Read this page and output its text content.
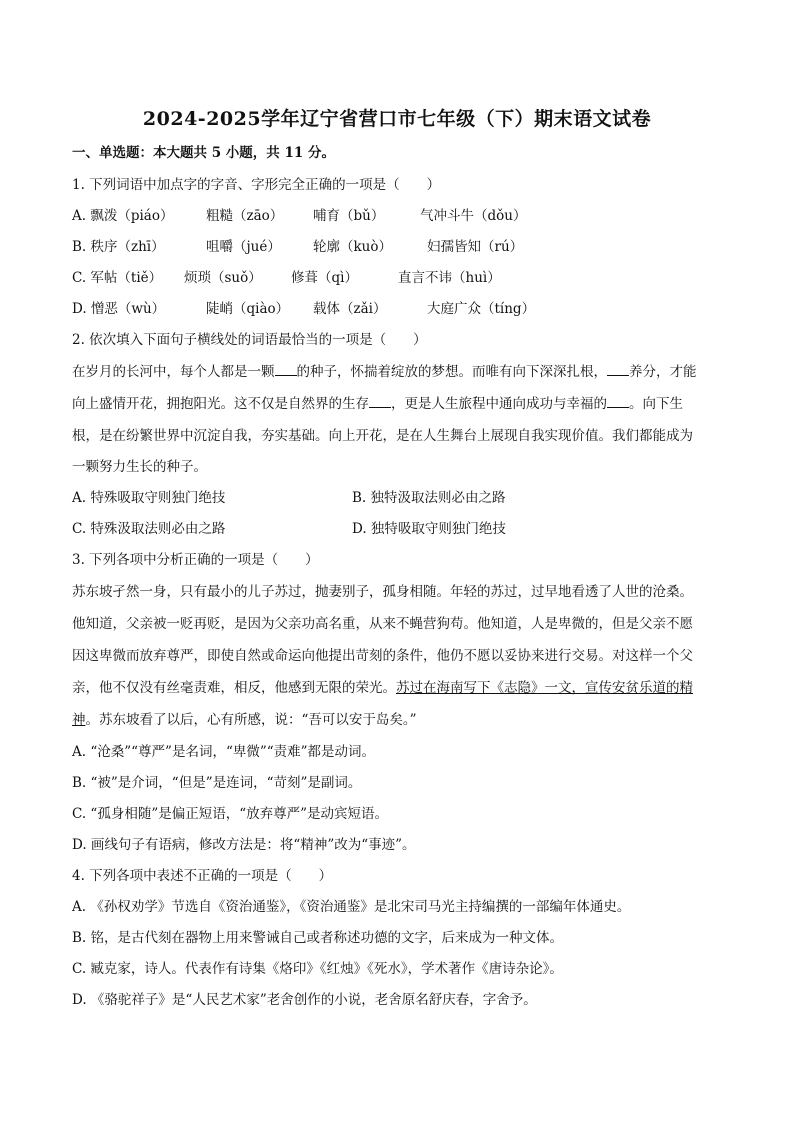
2024-2025学年辽宁省营口市七年级（下）期末语文试卷
一、单选题：本大题共 5 小题，共 11 分。
1. 下列词语中加点字的字音、字形完全正确的一项是（　　）
A. 飘泼（piáo） 粗糙（zāo） 哺育（bǔ）	气冲斗牛（dǒu）
B. 秩序（zhī）	咀嚼（jué） 轮廓（kuò）	妇孺皆知（rú）
C. 军帖（tiě） 烦琐（suǒ） 修葺（qì）	直言不讳（huì）
D. 憎恶（wù）	陡峭（qiào） 载体（zǎi）	大庭广众（tíng）
2. 依次填入下面句子横线处的词语最恰当的一项是（　　）
在岁月的长河中，每个人都是一颗 的种子，怀揣着绽放的梦想。而唯有向下深深扎根， 养分，才能
向上盛情开花，拥抱阳光。这不仅是自然界的生存 ，更是人生旅程中通向成功与幸福的 。向下生
根，是在纷繁世界中沉淀自我，夯实基础。向上开花，是在人生舞台上展现自我实现价值。我们都能成为
一颗努力生长的种子。
A. 特殊吸取守则独门绝技	B. 独特汲取法则必由之路
C. 特殊汲取法则必由之路	D. 独特吸取守则独门绝技
3. 下列各项中分析正确的一项是（　　）
苏东坡孑然一身，只有最小的儿子苏过，抛妻别子，孤身相随。年轻的苏过，过早地看透了人世的沧桑。
他知道，父亲被一贬再贬，是因为父亲功高名重，从来不蝇营狗苟。他知道，人是卑微的，但是父亲不愿
因这卑微而放弃尊严，即使自然或命运向他提出苛刻的条件，他仍不愿以妥协来进行交易。对这样一个父
亲，他不仅没有丝毫责难，相反，他感到无限的荣光。苏过在海南写下《志隐》一文，宣传安贫乐道的精
神。苏东坡看了以后，心有所感，说：“吾可以安于岛矣。”
A. “沧桑”“尊严”是名词，“卑微”“责难”都是动词。
B. “被”是介词，“但是”是连词，“苛刻”是副词。
C. “孤身相随”是偏正短语，“放弃尊严”是动宾短语。
D. 画线句子有语病，修改方法是：将“精神”改为“事迹”。
4. 下列各项中表述不正确的一项是（　　）
A. 《孙权劝学》节选自《资治通鉴》，《资治通鉴》是北宋司马光主持编撰的一部编年体通史。
B. 铭，是古代刻在器物上用来警诫自己或者称述功德的文字，后来成为一种文体。
C. 臧克家，诗人。代表作有诗集《烙印》《红烛》《死水》，学术著作《唐诗杂论》。
D. 《骆驼祥子》是“人民艺术家”老舍创作的小说，老舍原名舒庆春，字舍予。
